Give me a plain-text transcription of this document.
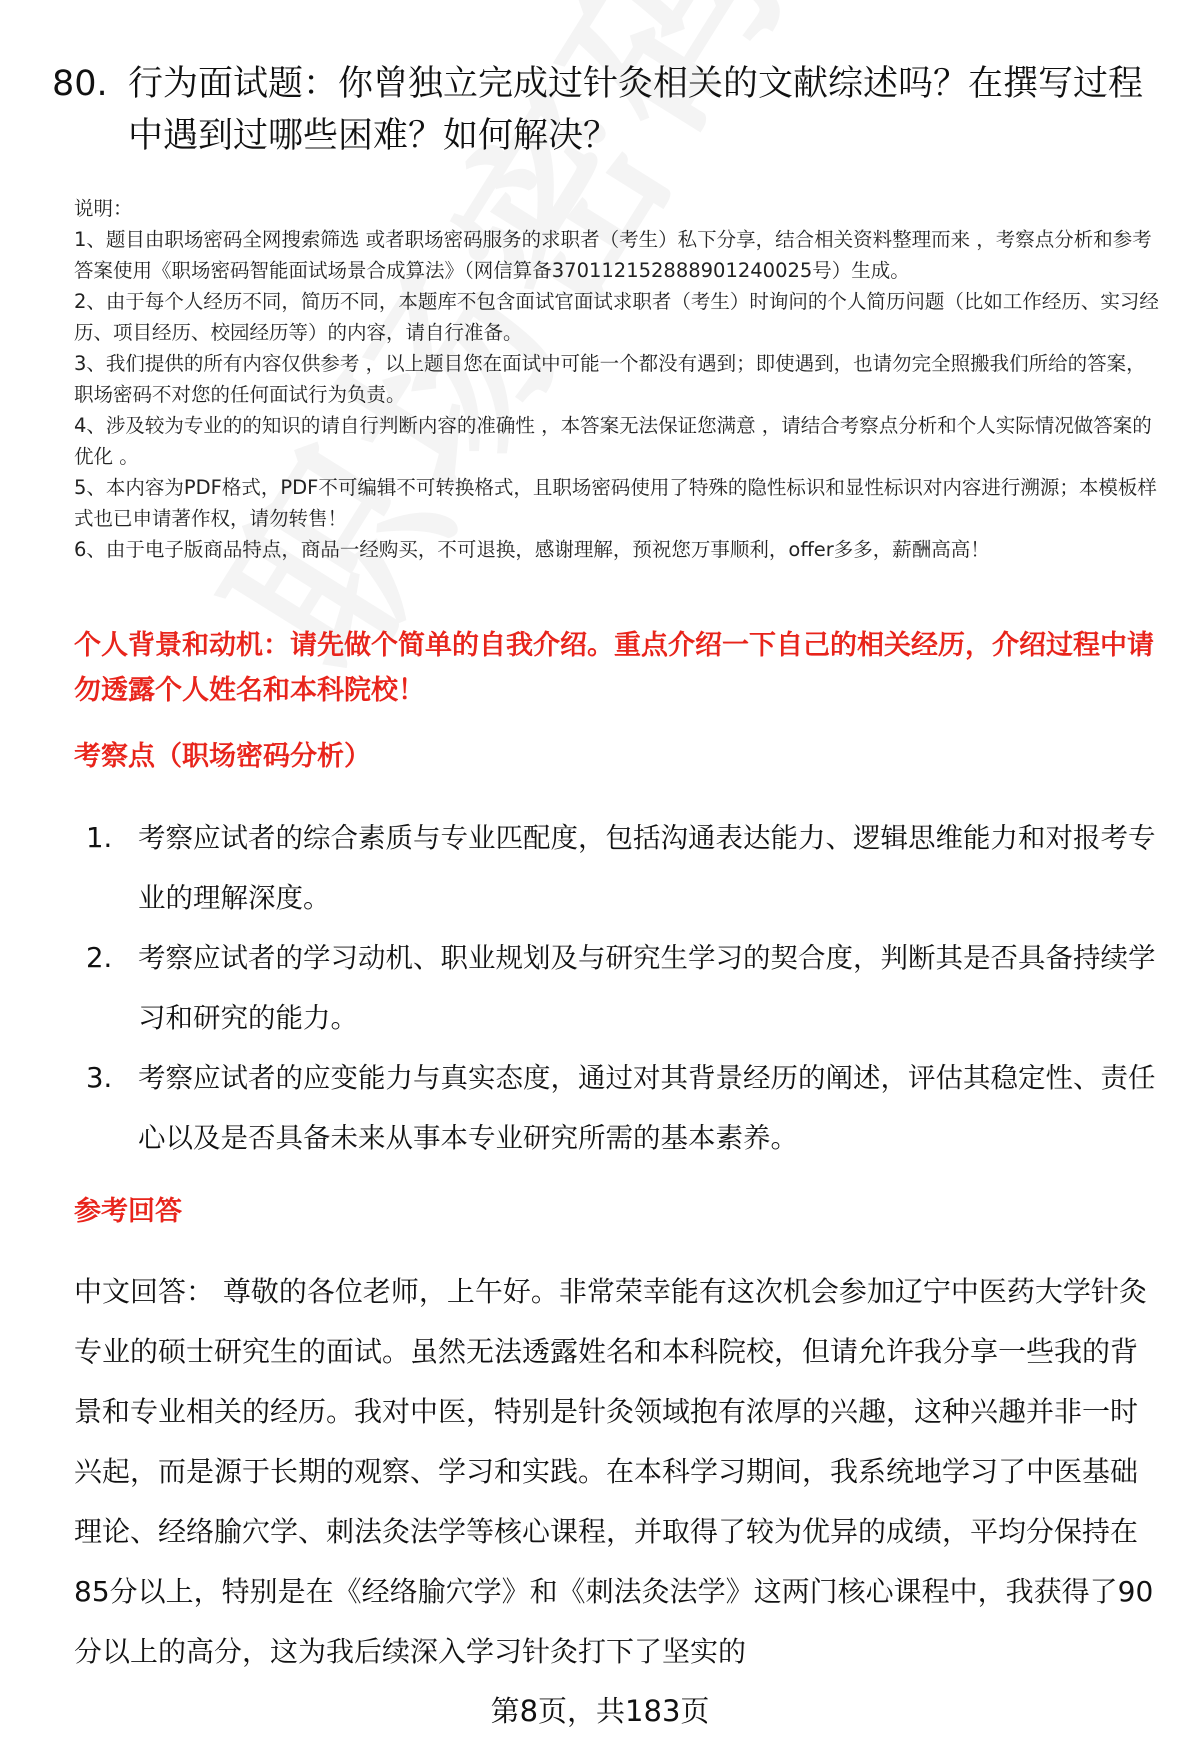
80. 行为面试题：你曾独立完成过针灸相关的文献综述吗？在撰写过程中遇到过哪些困难？如何解决？

说明：

1、题目由职场密码全网搜索筛选 或者职场密码服务的求职者（考生）私下分享，结合相关资料整理而来 ，考察点分析和参考答案使用《职场密码智能面试场景合成算法》（网信算备370112152888901240025号）生成。

2、由于每个人经历不同，简历不同，本题库不包含面试官面试求职者（考生）时询问的个人简历问题（比如工作经历、实习经历、项目经历、校园经历等）的内容，请自行准备。

3、我们提供的所有内容仅供参考 ，以上题目您在面试中可能一个都没有遇到；即使遇到，也请勿完全照搬我们所给的答案，职场密码不对您的任何面试行为负责。

4、涉及较为专业的的知识的请自行判断内容的准确性 ，本答案无法保证您满意 ，请结合考察点分析和个人实际情况做答案的优化 。

5、本内容为PDF格式，PDF不可编辑不可转换格式，且职场密码使用了特殊的隐性标识和显性标识对内容进行溯源；本模板样式也已申请著作权，请勿转售！

6、由于电子版商品特点，商品一经购买，不可退换，感谢理解，预祝您万事顺利，offer多多，薪酬高高！

个人背景和动机：请先做个简单的自我介绍。重点介绍一下自己的相关经历，介绍过程中请勿透露个人姓名和本科院校！
考察点（职场密码分析）
1. 考察应试者的综合素质与专业匹配度，包括沟通表达能力、逻辑思维能力和对报考专业的理解深度。
2. 考察应试者的学习动机、职业规划及与研究生学习的契合度，判断其是否具备持续学习和研究的能力。
3. 考察应试者的应变能力与真实态度，通过对其背景经历的阐述，评估其稳定性、责任心以及是否具备未来从事本专业研究所需的基本素养。
参考回答

中文回答： 尊敬的各位老师，上午好。非常荣幸能有这次机会参加辽宁中医药大学针灸专业的硕士研究生的面试。虽然无法透露姓名和本科院校，但请允许我分享一些我的背景和专业相关的经历。我对中医，特别是针灸领域抱有浓厚的兴趣，这种兴趣并非一时兴起，而是源于长期的观察、学习和实践。在本科学习期间，我系统地学习了中医基础理论、经络腧穴学、刺法灸法学等核心课程，并取得了较为优异的成绩，平均分保持在85分以上，特别是在《经络腧穴学》和《刺法灸法学》这两门核心课程中，我获得了90分以上的高分，这为我后续深入学习针灸打下了坚实的

第8页，共183页
